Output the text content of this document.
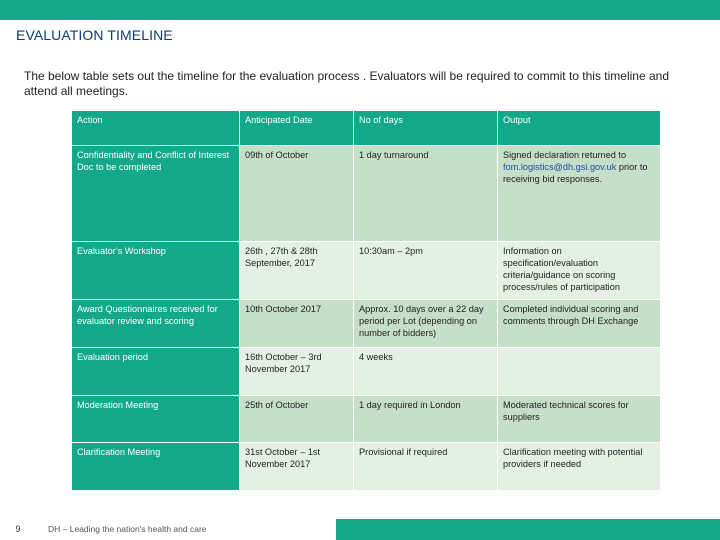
EVALUATION TIMELINE
The below table sets out the timeline for the evaluation process . Evaluators will be required to commit to this timeline and attend all meetings.
Action	Anticipated Date	No of days	Output
Confidentiality and Conflict of Interest Doc to be completed	09th of October	1 day turnaround	Signed declaration returned to fom.logistics@dh.gsi.gov.uk prior to receiving bid responses.
Evaluator's Workshop	26th , 27th & 28th September, 2017	10:30am – 2pm	Information on specification/evaluation criteria/guidance on scoring process/rules of participation
Award Questionnaires received for evaluator review and scoring	10th October 2017	Approx. 10 days over a 22 day period per Lot (depending on number of bidders)	Completed individual scoring and comments through DH Exchange
Evaluation period	16th October – 3rd November 2017	4 weeks	
Moderation Meeting	25th of October	1 day required in London	Moderated technical scores for suppliers
Clarification Meeting	31st October – 1st November 2017	Provisional if required	Clarification meeting with potential providers if needed
9	DH – Leading the nation's health and care
